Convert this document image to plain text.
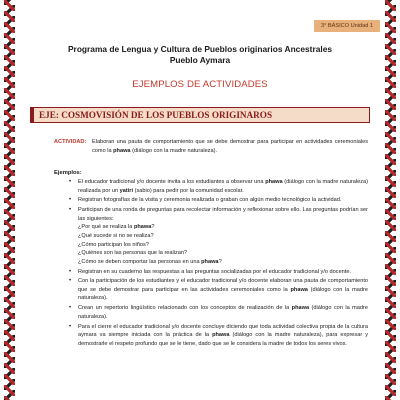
3° BÁSICO Unidad 1
Programa de Lengua y Cultura de Pueblos originarios Ancestrales
Pueblo Aymara
EJEMPLOS DE ACTIVIDADES
EJE: COSMOVISIÓN DE LOS PUEBLOS ORIGINAROS
ACTIVIDAD:	Elaboran una pauta de comportamiento que se debe demostrar para participar en actividades ceremoniales como la phawa (diálogo con la madre naturaleza).
Ejemplos:
•	El educador tradicional y/o docente invita a los estudiantes a observar una phawa (diálogo con la madre naturaleza) realizada por un yatiri (sabio) para pedir por la comunidad escolar.
•	Registran fotografías de la visita y ceremonia realizada o graban con algún medio tecnológico la actividad.
•	Participan de una ronda de preguntas para recolectar información y reflexionar sobre ello. Las preguntas podrían ser las siguientes:
¿Por qué se realiza la phawa?
¿Qué sucede si no se realiza?
¿Cómo participan los niños?
¿Quiénes son las personas que la realizan?
¿Cómo se deben comportar las personas en una phawa?
•	Registran en su cuaderno las respuestas a las preguntas socializadas por el educador tradicional y/o docente.
•	Con la participación de los estudiantes y el educador tradicional y/o docente elaboran una pauta de comportamiento que se debe demostrar para participar en las actividades ceremoniales como la phawa (diálogo con la madre naturaleza).
•	Crean un repertorio lingüístico relacionado con los conceptos de realización de la phawa (diálogo con la madre naturaleza).
•	Para el cierre el educador tradicional y/o docente concluye diciendo que toda actividad colectiva propia de la cultura aymara va siempre iniciada con la práctica de la phawa (diálogo con la madre naturaleza), para expresar y demostrarle el respeto profundo que se le tiene, dado que se le considera la madre de todos los seres vivos.
